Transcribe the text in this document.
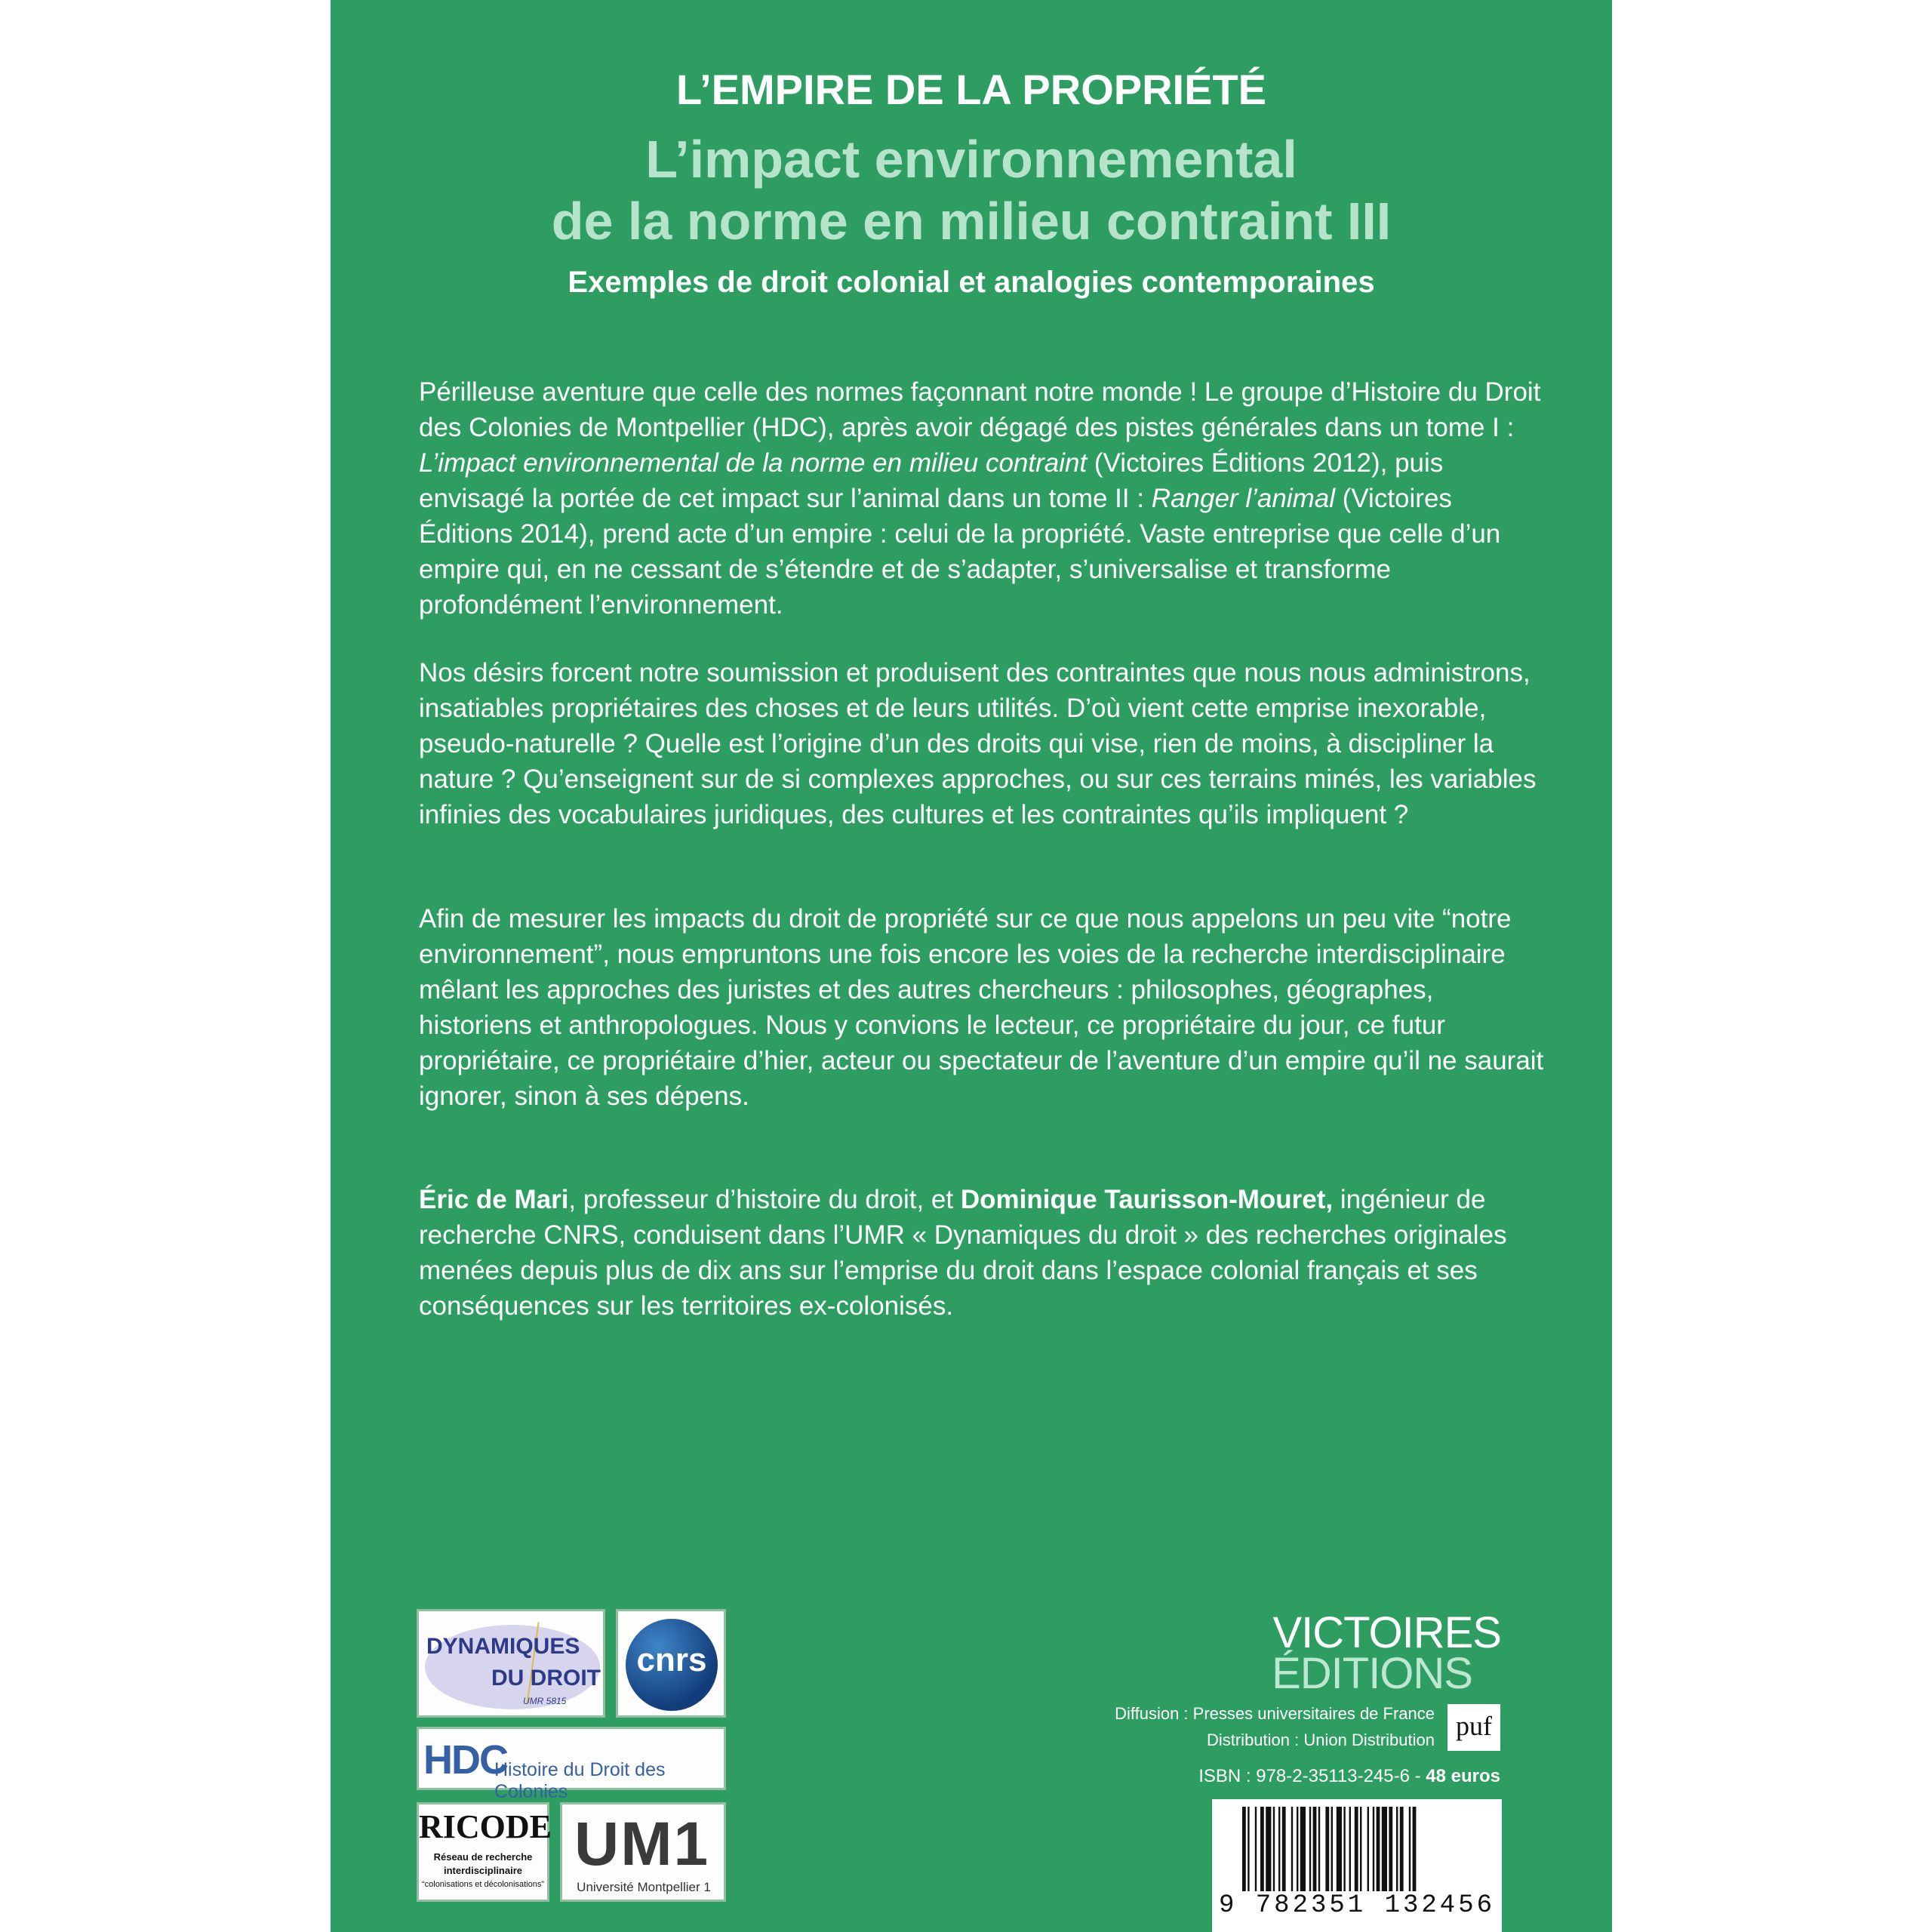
L’EMPIRE DE LA PROPRIÉTÉ
L’impact environnemental
de la norme en milieu contraint III
Exemples de droit colonial et analogies contemporaines

Périlleuse aventure que celle des normes façonnant notre monde ! Le groupe d’Histoire du Droit des Colonies de Montpellier (HDC), après avoir dégagé des pistes générales dans un tome I : L’impact environnemental de la norme en milieu contraint (Victoires Éditions 2012), puis envisagé la portée de cet impact sur l’animal dans un tome II : Ranger l’animal (Victoires Éditions 2014), prend acte d’un empire : celui de la propriété. Vaste entreprise que celle d’un empire qui, en ne cessant de s’étendre et de s’adapter, s’universalise et transforme profondément l’environnement.

Nos désirs forcent notre soumission et produisent des contraintes que nous nous administrons, insatiables propriétaires des choses et de leurs utilités. D’où vient cette emprise inexorable, pseudo-naturelle ? Quelle est l’origine d’un des droits qui vise, rien de moins, à discipliner la nature ? Qu’enseignent sur de si complexes approches, ou sur ces terrains minés, les variables infinies des vocabulaires juridiques, des cultures et les contraintes qu’ils impliquent ?

Afin de mesurer les impacts du droit de propriété sur ce que nous appelons un peu vite “notre environnement”, nous empruntons une fois encore les voies de la recherche interdisciplinaire mêlant les approches des juristes et des autres chercheurs : philosophes, géographes, historiens et anthropologues. Nous y convions le lecteur, ce propriétaire du jour, ce futur propriétaire, ce propriétaire d’hier, acteur ou spectateur de l’aventure d’un empire qu’il ne saurait ignorer, sinon à ses dépens.

Éric de Mari, professeur d’histoire du droit, et Dominique Taurisson-Mouret, ingénieur de recherche CNRS, conduisent dans l’UMR « Dynamiques du droit » des recherches originales menées depuis plus de dix ans sur l’emprise du droit dans l’espace colonial français et ses conséquences sur les territoires ex-colonisés.

DYNAMIQUES
DU DROIT
UMR 5815
cnrs
HDC
Histoire du Droit des Colonies
RICODE
Réseau de recherche
interdisciplinaire
“colonisations et décolonisations”
UM1
Université Montpellier 1
VICTOIRES
ÉDITIONS
Diffusion : Presses universitaires de France
Distribution : Union Distribution puf
ISBN : 978-2-35113-245-6 - 48 euros
9 782351 132456
